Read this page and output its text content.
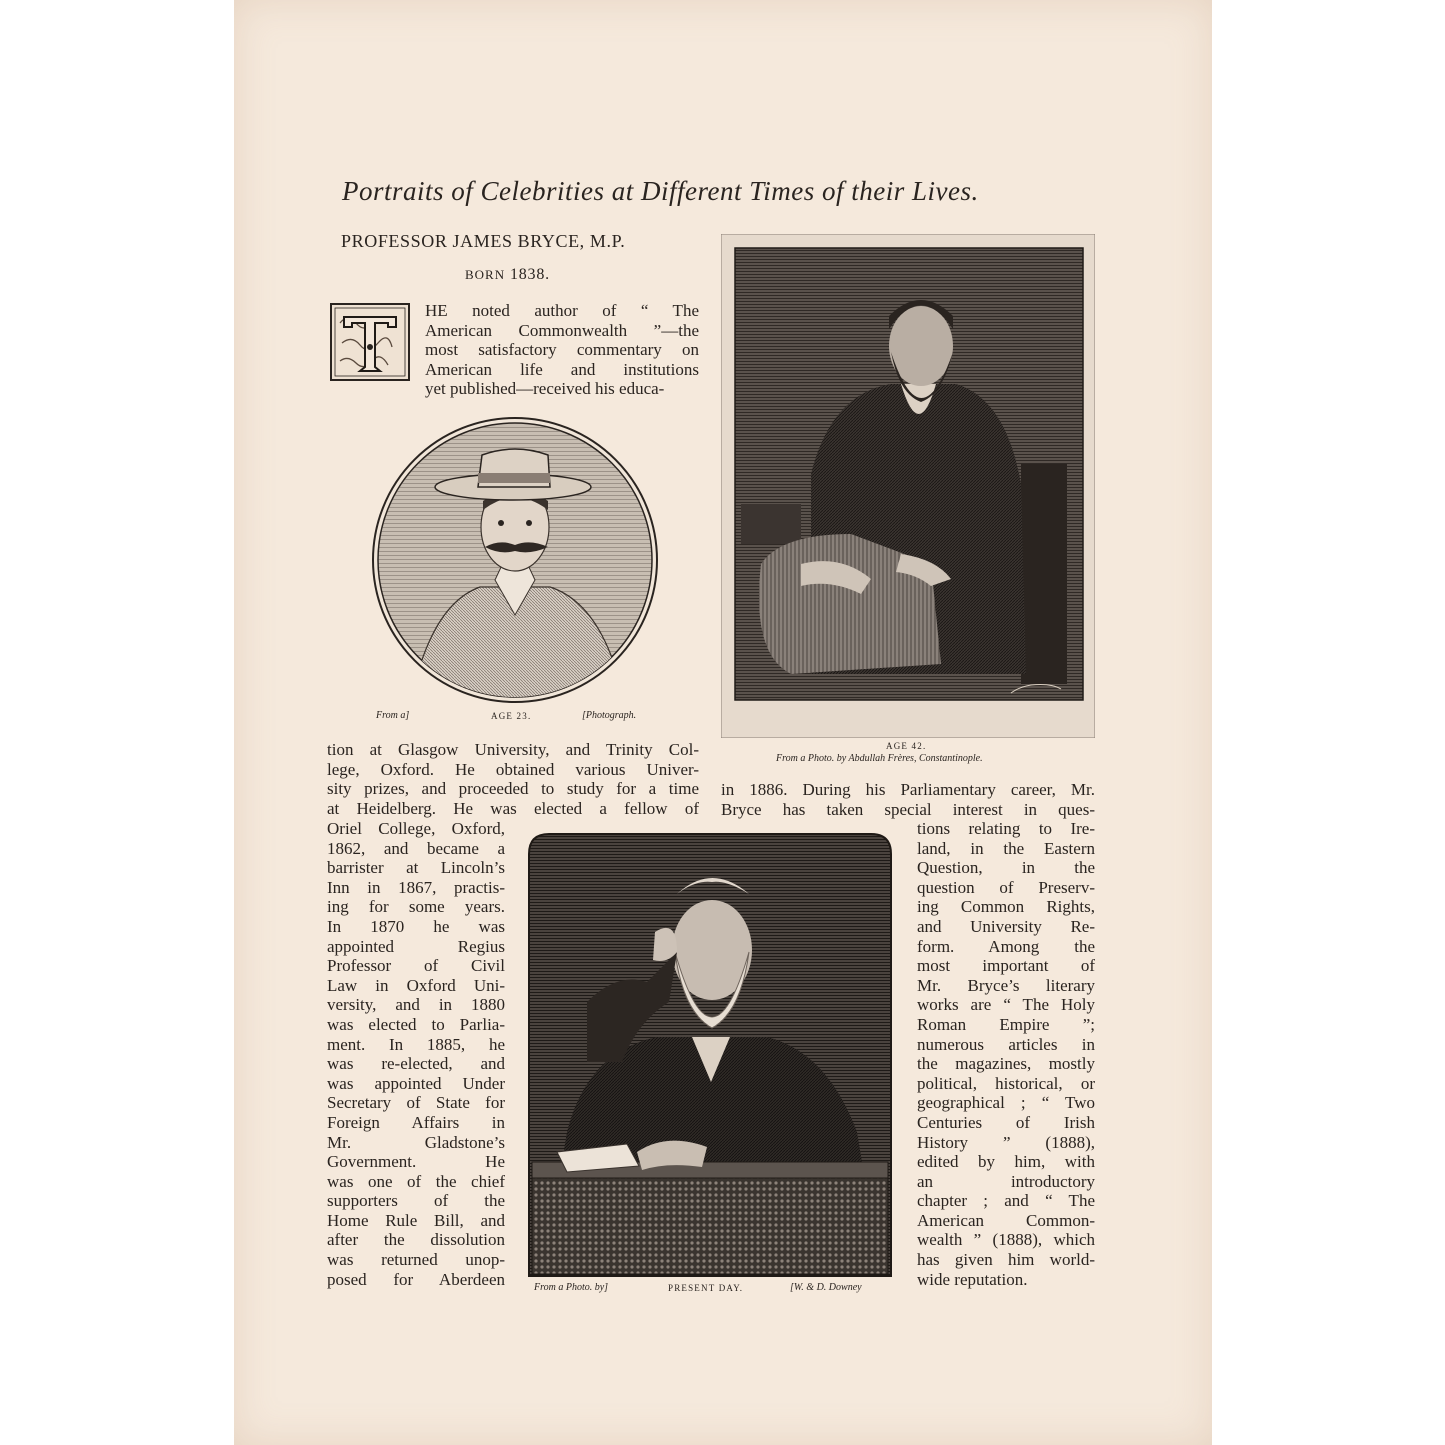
Portraits of Celebrities at Different Times of their Lives.
PROFESSOR JAMES BRYCE, M.P.
BORN 1838.
HE noted author of “ The
American Commonwealth ”—the
most satisfactory commentary on
American life and institutions
yet published—received his educa-
From a]	AGE 23.	[Photograph.
AGE 42.
From a Photo. by Abdullah Frères, Constantinople.
tion at Glasgow University, and Trinity Col-
lege, Oxford. He obtained various Univer-
sity prizes, and proceeded to study for a time
at Heidelberg. He was elected a fellow of
in 1886. During his Parliamentary career, Mr.
Bryce has taken special interest in ques-
Oriel College, Oxford,
1862, and became a
barrister at Lincoln’s
Inn in 1867, practis-
ing for some years.
In 1870 he was
appointed Regius
Professor of Civil
Law in Oxford Uni-
versity, and in 1880
was elected to Parlia-
ment. In 1885, he
was re-elected, and
was appointed Under
Secretary of State for
Foreign Affairs in
Mr. Gladstone’s
Government. He
was one of the chief
supporters of the
Home Rule Bill, and
after the dissolution
was returned unop-
posed for Aberdeen	From a Photo. by]	PRESENT DAY.	[W. & D. Downey
tions relating to Ire-
land, in the Eastern
Question, in the
question of Preserv-
ing Common Rights,
and University Re-
form. Among the
most important of
Mr. Bryce’s literary
works are “ The Holy
Roman Empire ”;
numerous articles in
the magazines, mostly
political, historical, or
geographical ; “ Two
Centuries of Irish
History ” (1888),
edited by him, with
an introductory
chapter ; and “ The
American Common-
wealth ” (1888), which
has given him world-
wide reputation.
